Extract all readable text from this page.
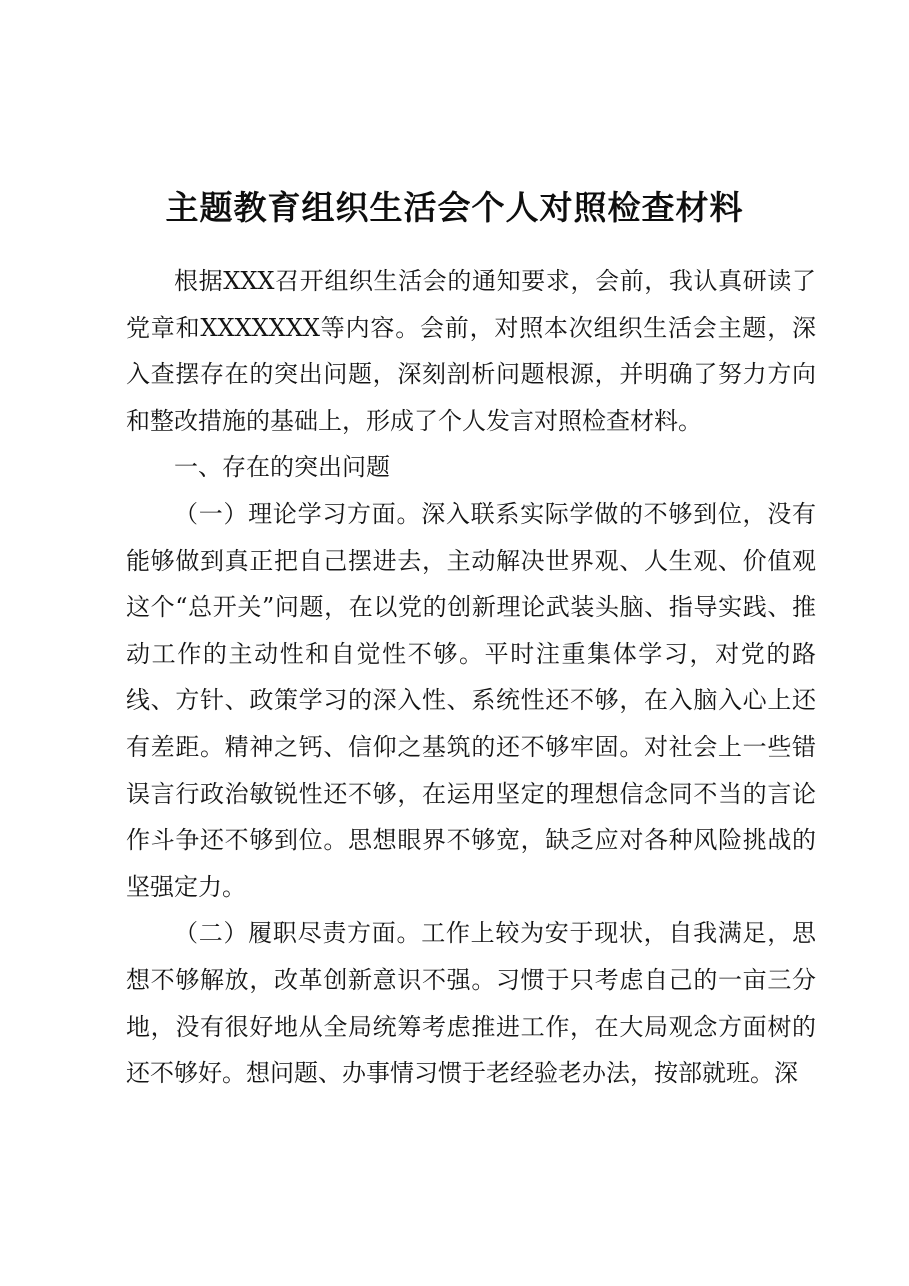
主题教育组织生活会个人对照检查材料

根据XXX召开组织生活会的通知要求，会前，我认真研读了党章和XXXXXXX等内容。会前，对照本次组织生活会主题，深入查摆存在的突出问题，深刻剖析问题根源，并明确了努力方向和整改措施的基础上，形成了个人发言对照检查材料。

一、存在的突出问题

（一）理论学习方面。深入联系实际学做的不够到位，没有能够做到真正把自己摆进去，主动解决世界观、人生观、价值观这个“总开关”问题，在以党的创新理论武装头脑、指导实践、推动工作的主动性和自觉性不够。平时注重集体学习，对党的路线、方针、政策学习的深入性、系统性还不够，在入脑入心上还有差距。精神之钙、信仰之基筑的还不够牢固。对社会上一些错误言行政治敏锐性还不够，在运用坚定的理想信念同不当的言论作斗争还不够到位。思想眼界不够宽，缺乏应对各种风险挑战的坚强定力。

（二）履职尽责方面。工作上较为安于现状，自我满足，思想不够解放，改革创新意识不强。习惯于只考虑自己的一亩三分地，没有很好地从全局统筹考虑推进工作，在大局观念方面树的还不够好。想问题、办事情习惯于老经验老办法，按部就班。深
